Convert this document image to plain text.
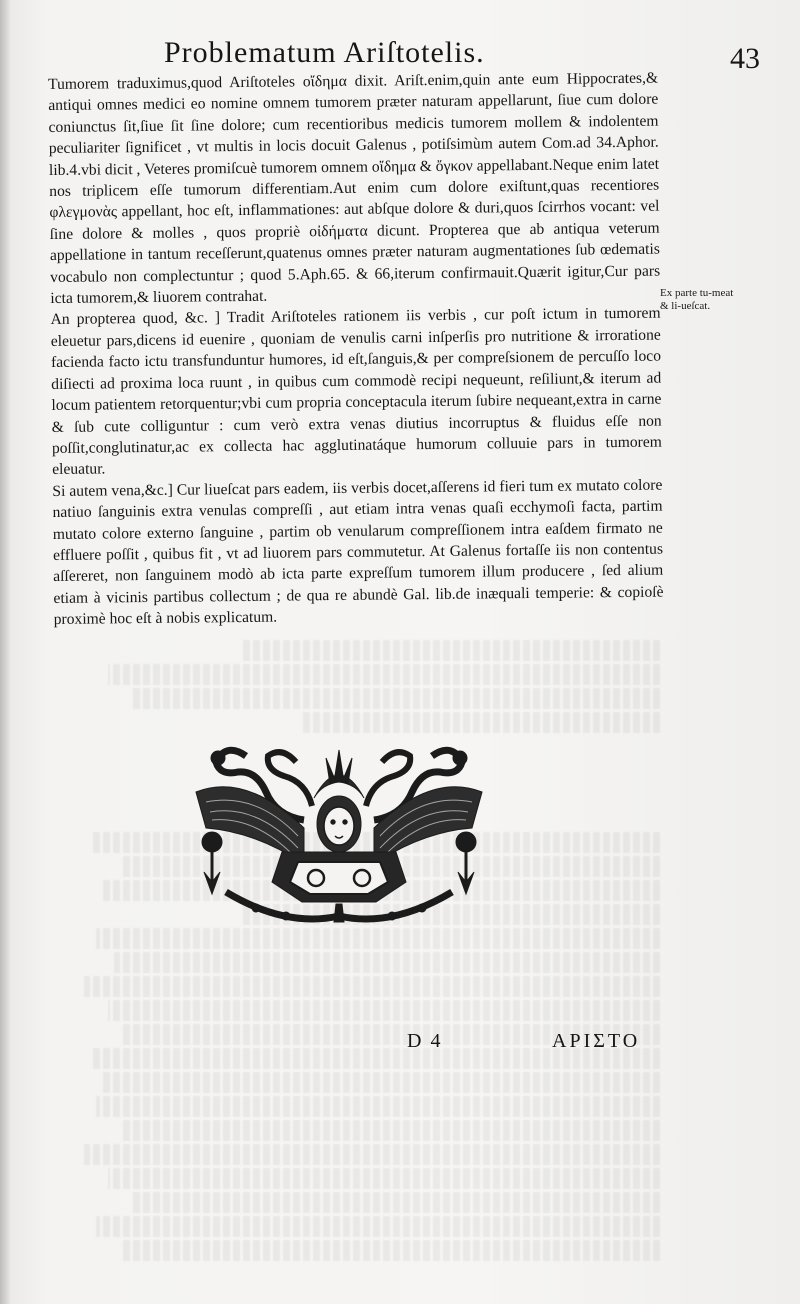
Problematum Ariſtotelis.	43

Tumorem traduximus,quod Ariſtoteles οἴδημα dixit. Ariſt.enim,quin ante eum Hippocrates,& antiqui omnes medici eo nomine omnem tumorem præter naturam appellarunt, ſiue cum dolore coniunctus ſit,ſiue ſit ſine dolore; cum recentioribus medicis tumorem mollem & indolentem peculiariter ſignificet , vt multis in locis docuit Galenus , potiſsimùm autem Com.ad 34.Aphor. lib.4.vbi dicit , Veteres promiſcuè tumorem omnem οἴδημα & ὄγκον appellabant.Neque enim latet nos triplicem eſſe tumorum differentiam.Aut enim cum dolore exiſtunt,quas recentiores φλεγμονὰς appellant, hoc eſt, inflammationes: aut abſque dolore & duri,quos ſcirrhos vocant: vel ſine dolore & molles , quos propriè οἰδήματα dicunt. Propterea que ab antiqua veterum appellatione in tantum receſſerunt,quatenus omnes præter naturam augmentationes ſub œdematis vocabulo non complectuntur ; quod 5.Aph.65. & 66,iterum confirmauit.Quærit igitur,Cur pars icta tumorem,& liuorem contrahat.

An propterea quod, &c. ] Tradit Ariſtoteles rationem iis verbis , cur poſt ictum in tumorem eleuetur pars,dicens id euenire , quoniam de venulis carni inſperſis pro nutritione & irroratione facienda facto ictu transfunduntur humores, id eſt,ſanguis,& per compreſsionem de percuſſo loco diſiecti ad proxima loca ruunt , in quibus cum commodè recipi nequeunt, reſiliunt,& iterum ad locum patientem retorquentur;vbi cum propria conceptacula iterum ſubire nequeant,extra in carne & ſub cute colliguntur : cum verò extra venas diutius incorruptus & fluidus eſſe non poſſit,conglutinatur,ac ex collecta hac agglutinatáque humorum colluuie pars in tumorem eleuatur.

Si autem vena,&c.] Cur liueſcat pars eadem, iis verbis docet,aſſerens id fieri tum ex mutato colore natiuo ſanguinis extra venulas compreſſi , aut etiam intra venas quaſi ecchymoſi facta, partim mutato colore externo ſanguine , partim ob venularum compreſſionem intra eaſdem firmato ne effluere poſſit , quibus fit , vt ad liuorem pars commutetur. At Galenus fortaſſe iis non contentus aſſereret, non ſanguinem modò ab icta parte expreſſum tumorem illum producere , ſed alium etiam à vicinis partibus collectum ; de qua re abundè Gal. lib.de inæquali temperie: & copioſè proximè hoc eſt à nobis explicatum.

Ex parte tu-meat & li-ueſcat.
D 4	ΑΡΙΣΤΟ
